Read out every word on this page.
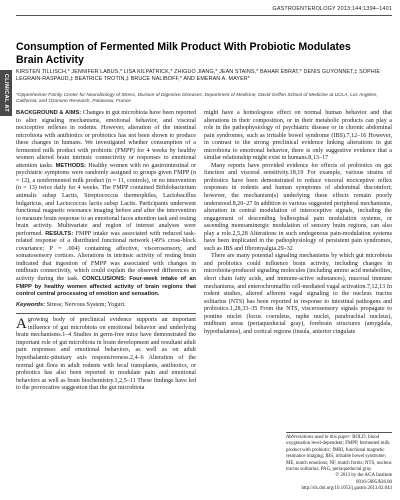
GASTROENTEROLOGY 2013;144:1394–1401
CLINICAL AT
Consumption of Fermented Milk Product With Probiotic Modulates Brain Activity
KIRSTEN TILLISCH,* JENNIFER LABUS,* LISA KILPATRICK,* ZHIGUO JIANG,* JEAN STAINS,* BAHAR EBRAT,* DENIS GUYONNET,‡ SOPHIE LEGRAIN-RASPAUD,‡ BEATRICE TROTIN,‡ BRUCE NALIBOFF,* AND EMERAN A. MAYER*
*Oppenheimer Family Center for Neurobiology of Stress, Division of Digestive Diseases, Department of Medicine, David Geffen School of Medicine at UCLA, Los Angeles, California; and ‡Danone Research, Palaiseau, France

BACKGROUND & AIMS: Changes in gut microbiota have been reported to alter signaling mechanisms, emotional behavior, and visceral nociceptive reflexes in rodents. However, alteration of the intestinal microbiota with antibiotics or probiotics has not been shown to produce these changes in humans. We investigated whether consumption of a fermented milk product with probiotic (FMPP) for 4 weeks by healthy women altered brain intrinsic connectivity or responses to emotional attention tasks. METHODS: Healthy women with no gastrointestinal or psychiatric symptoms were randomly assigned to groups given FMPP (n = 12), a nonfermented milk product (n = 11, controls), or no intervention (n = 13) twice daily for 4 weeks. The FMPP contained Bifidobacterium animalis subsp Lactis, Streptococcus thermophiles, Lactobacillus bulgaricus, and Lactococcus lactis subsp Lactis. Participants underwent functional magnetic resonance imaging before and after the intervention to measure brain response to an emotional faces attention task and resting brain activity. Multivariate and region of interest analyses were performed. RESULTS: FMPP intake was associated with reduced task-related response of a distributed functional network (49% cross-block covariance; P = .004) containing affective, viscerosensory, and somatosensory cortices. Alterations in intrinsic activity of resting brain indicated that ingestion of FMPP was associated with changes in midbrain connectivity, which could explain the observed differences in activity during the task. CONCLUSIONS: Four-week intake of an FMPP by healthy women affected activity of brain regions that control central processing of emotion and sensation.

Keywords: Stress; Nervous System; Yogurt.

Agrowing body of preclinical evidence supports an important influence of gut microbiota on emotional behavior and underlying brain mechanisms.1–4 Studies in germ-free mice have demonstrated the important role of gut microbiota in brain development and resultant adult pain responses and emotional behaviors, as well as on adult hypothalamic-pituitary axis responsiveness.2,4–6 Alteration of the normal gut flora in adult rodents with fecal transplants, antibiotics, or probiotics has also been reported to modulate pain and emotional behaviors as well as brain biochemistry.1,2,5–11 These findings have led to the provocative suggestion that the gut microbiota

might have a homologous effect on normal human behavior and that alterations in their composition, or in their metabolic products can play a role in the pathophysiology of psychiatric disease or in chronic abdominal pain syndromes, such as irritable bowel syndrome (IBS).7,12–16 However, in contrast to the strong preclinical evidence linking alterations in gut microbiota to emotional behavior, there is only suggestive evidence that a similar relationship might exist in humans.8,13–17

Many reports have provided evidence for effects of probiotics on gut function and visceral sensitivity.18,19 For example, various strains of probiotics have been demonstrated to reduce visceral nociceptive reflex responses in rodents and human symptoms of abdominal discomfort; however, the mechanism(s) underlying these effects remain poorly understood.8,20–27 In addition to various suggested peripheral mechanisms, alteration in central modulation of interoceptive signals, including the engagement of descending bulbospinal pain modulation systems, or ascending monoaminergic modulation of sensory brain regions, can also play a role.2,5,28 Alterations in such endogenous pain-modulation systems have been implicated in the pathophysiology of persistent pain syndromes, such as IBS and fibromyalgia.29–32

There are many potential signaling mechanisms by which gut microbiota and probiotics could influence brain activity, including changes in microbiota-produced signaling molecules (including amino acid metabolites, short chain fatty acids, and immune-active substances), mucosal immune mechanisms, and enterochromaffin cell-mediated vagal activation.7,12,13 In rodent studies, altered afferent vagal signaling to the nucleus tractus solitarius (NTS) has been reported in response to intestinal pathogens and probiotics.1,28,33–35 From the NTS, viscerosensory signals propagate to pontine nuclei (locus coeruleus, raphe nuclei, parabrachial nucleus), midbrain areas (periaqueductal gray), forebrain structures (amygdala, hypothalamus), and cortical regions (insula, anterior cingulate

Abbreviations used in this paper: BOLD, blood oxygenation level-dependent; FMPP, fermented milk product with probiotic; fMRI, functional magnetic resonance imaging; IBS, irritable bowel syndrome; ME, match emotions; NF, match forms; NTS, nucleus tractus solitarius; PAG, periaqueductal gray.
© 2013 by the AGA Institute
0016-5085/$36.00
http://dx.doi.org/10.1053/j.gastro.2013.02.043
